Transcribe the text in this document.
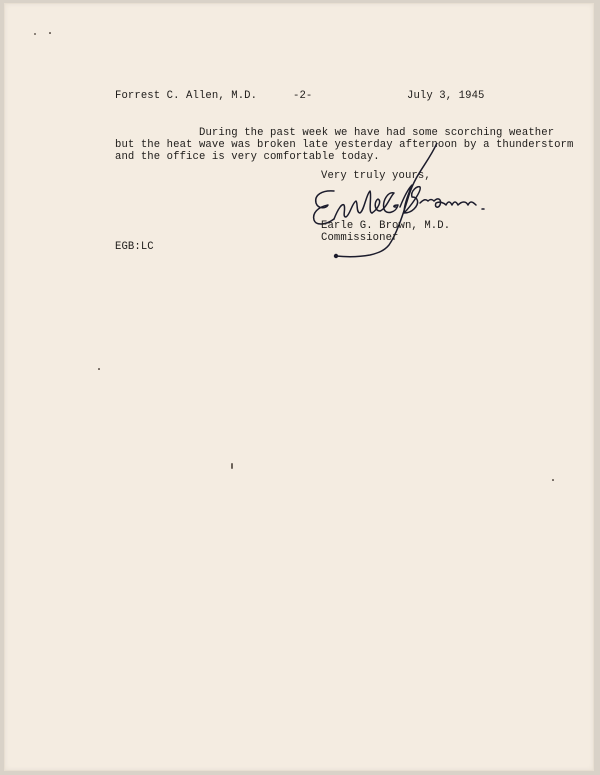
Forrest C. Allen, M.D.	-2-	July 3, 1945
During the past week we have had some scorching weather
but the heat wave was broken late yesterday afternoon by a thunderstorm
and the office is very comfortable today.
Very truly yours,
Earle G. Brown, M.D.
Commissioner
EGB:LC
